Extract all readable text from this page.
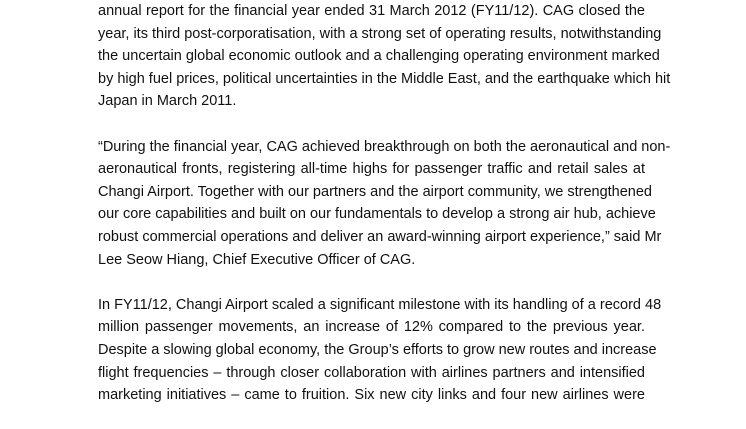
annual report for the financial year ended 31 March 2012 (FY11/12). CAG closed the
year, its third post-corporatisation, with a strong set of operating results, notwithstanding
the uncertain global economic outlook and a challenging operating environment marked
by high fuel prices, political uncertainties in the Middle East, and the earthquake which hit
Japan in March 2011.
“During the financial year, CAG achieved breakthrough on both the aeronautical and non-
aeronautical fronts, registering all-time highs for passenger traffic and retail sales at
Changi Airport. Together with our partners and the airport community, we strengthened
our core capabilities and built on our fundamentals to develop a strong air hub, achieve
robust commercial operations and deliver an award-winning airport experience,” said Mr
Lee Seow Hiang, Chief Executive Officer of CAG.
In FY11/12, Changi Airport scaled a significant milestone with its handling of a record 48
million passenger movements, an increase of 12% compared to the previous year.
Despite a slowing global economy, the Group’s efforts to grow new routes and increase
flight frequencies – through closer collaboration with airlines partners and intensified
marketing initiatives – came to fruition. Six new city links and four new airlines were
